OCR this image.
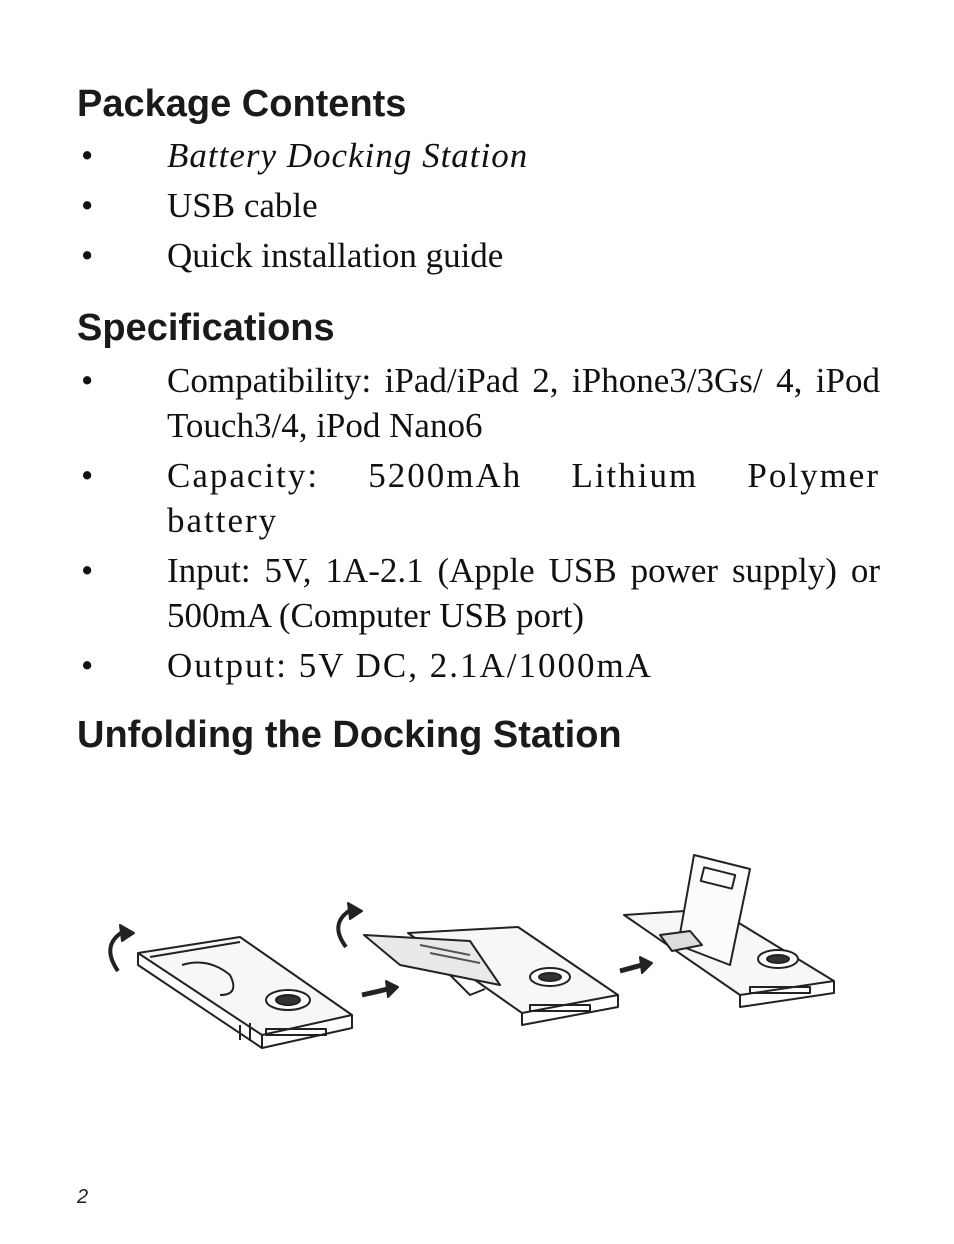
Package Contents
• Battery Docking Station
• USB cable
• Quick installation guide
Specifications
• Compatibility: iPad/iPad 2, iPhone3/3Gs/ 4, iPod Touch3/4, iPod Nano6
• Capacity: 5200mAh Lithium Polymer battery
• Input: 5V, 1A-2.1 (Apple USB power supply) or 500mA (Computer USB port)
• Output: 5V DC, 2.1A/1000mA
Unfolding the Docking Station
2
